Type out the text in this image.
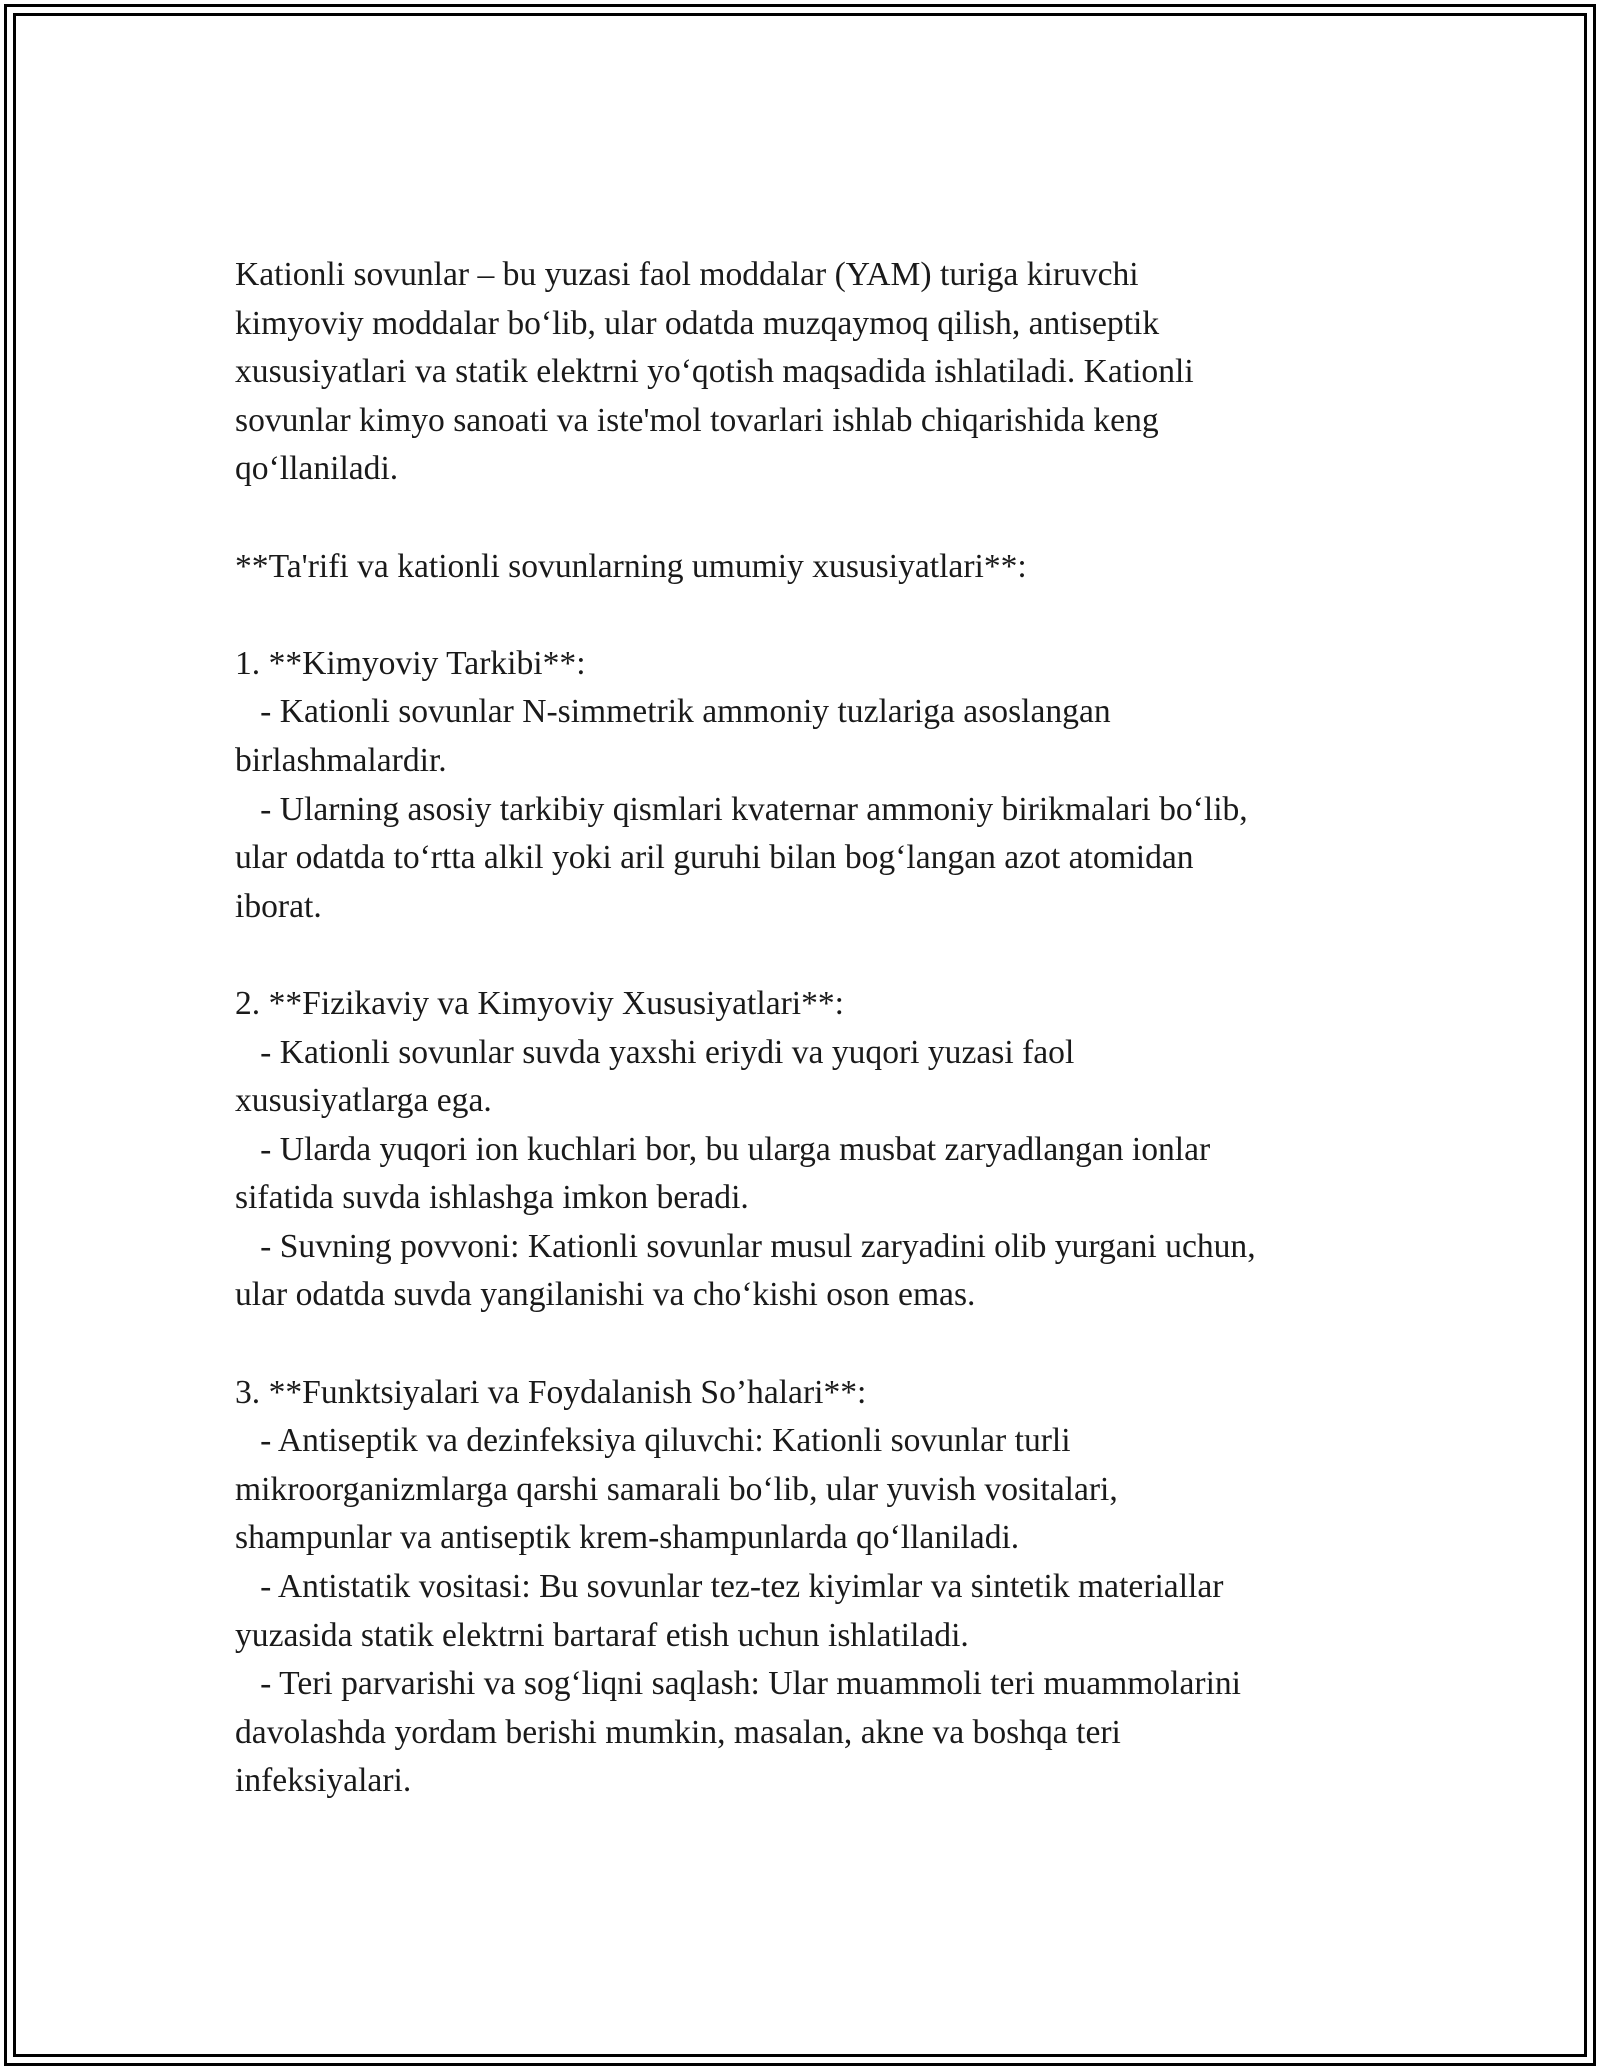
Kationli sovunlar – bu yuzasi faol moddalar (YAM) turiga kiruvchi
kimyoviy moddalar bo‘lib, ular odatda muzqaymoq qilish, antiseptik
xususiyatlari va statik elektrni yo‘qotish maqsadida ishlatiladi. Kationli
sovunlar kimyo sanoati va iste'mol tovarlari ishlab chiqarishida keng
qo‘llaniladi.
**Ta'rifi va kationli sovunlarning umumiy xususiyatlari**:
1. **Kimyoviy Tarkibi**:
- Kationli sovunlar N-simmetrik ammoniy tuzlariga asoslangan
birlashmalardir.
- Ularning asosiy tarkibiy qismlari kvaternar ammoniy birikmalari bo‘lib,
ular odatda to‘rtta alkil yoki aril guruhi bilan bog‘langan azot atomidan
iborat.
2. **Fizikaviy va Kimyoviy Xususiyatlari**:
- Kationli sovunlar suvda yaxshi eriydi va yuqori yuzasi faol
xususiyatlarga ega.
- Ularda yuqori ion kuchlari bor, bu ularga musbat zaryadlangan ionlar
sifatida suvda ishlashga imkon beradi.
- Suvning povvoni: Kationli sovunlar musul zaryadini olib yurgani uchun,
ular odatda suvda yangilanishi va cho‘kishi oson emas.
3. **Funktsiyalari va Foydalanish So’halari**:
- Antiseptik va dezinfeksiya qiluvchi: Kationli sovunlar turli
mikroorganizmlarga qarshi samarali bo‘lib, ular yuvish vositalari,
shampunlar va antiseptik krem-shampunlarda qo‘llaniladi.
- Antistatik vositasi: Bu sovunlar tez-tez kiyimlar va sintetik materiallar
yuzasida statik elektrni bartaraf etish uchun ishlatiladi.
- Teri parvarishi va sog‘liqni saqlash: Ular muammoli teri muammolarini
davolashda yordam berishi mumkin, masalan, akne va boshqa teri
infeksiyalari.
